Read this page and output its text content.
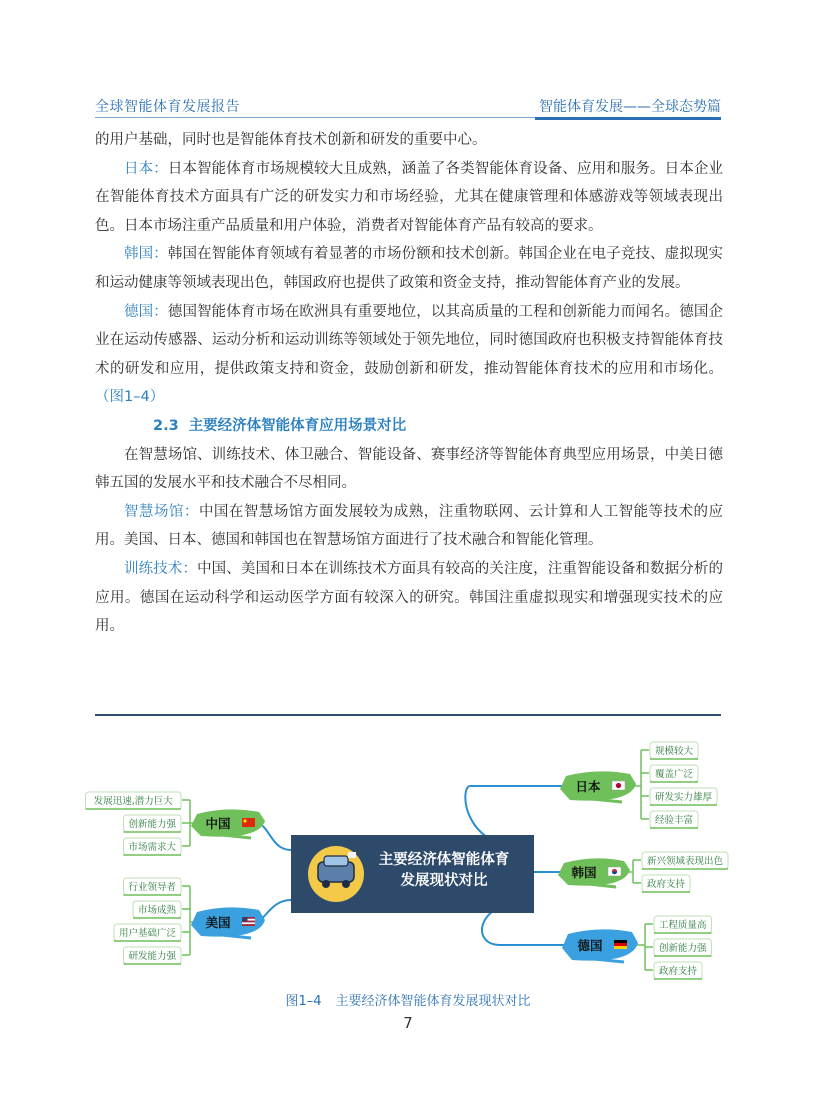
全球智能体育发展报告	智能体育发展——全球态势篇

的用户基础，同时也是智能体育技术创新和研发的重要中心。

日本：日本智能体育市场规模较大且成熟，涵盖了各类智能体育设备、应用和服务。日本企业在智能体育技术方面具有广泛的研发实力和市场经验，尤其在健康管理和体感游戏等领域表现出色。日本市场注重产品质量和用户体验，消费者对智能体育产品有较高的要求。

韩国：韩国在智能体育领域有着显著的市场份额和技术创新。韩国企业在电子竞技、虚拟现实和运动健康等领域表现出色，韩国政府也提供了政策和资金支持，推动智能体育产业的发展。

德国：德国智能体育市场在欧洲具有重要地位，以其高质量的工程和创新能力而闻名。德国企业在运动传感器、运动分析和运动训练等领域处于领先地位，同时德国政府也积极支持智能体育技术的研发和应用，提供政策支持和资金，鼓励创新和研发，推动智能体育技术的应用和市场化。（图1–4）

2.3 主要经济体智能体育应用场景对比

在智慧场馆、训练技术、体卫融合、智能设备、赛事经济等智能体育典型应用场景，中美日德韩五国的发展水平和技术融合不尽相同。

智慧场馆：中国在智慧场馆方面发展较为成熟，注重物联网、云计算和人工智能等技术的应用。美国、日本、德国和韩国也在智慧场馆方面进行了技术融合和智能化管理。

训练技术：中国、美国和日本在训练技术方面具有较高的关注度，注重智能设备和数据分析的应用。德国在运动科学和运动医学方面有较深入的研究。韩国注重虚拟现实和增强现实技术的应用。

主要经济体智能体育
发展现状对比
中国
发展迅速,潜力巨大
创新能力强
市场需求大
美国
行业领导者
市场成熟
用户基础广泛
研发能力强
日本
规模较大
覆盖广泛
研发实力雄厚
经验丰富
韩国
新兴领域表现出色
政府支持
德国
工程质量高
创新能力强
政府支持
图1–4 主要经济体智能体育发展现状对比
7
